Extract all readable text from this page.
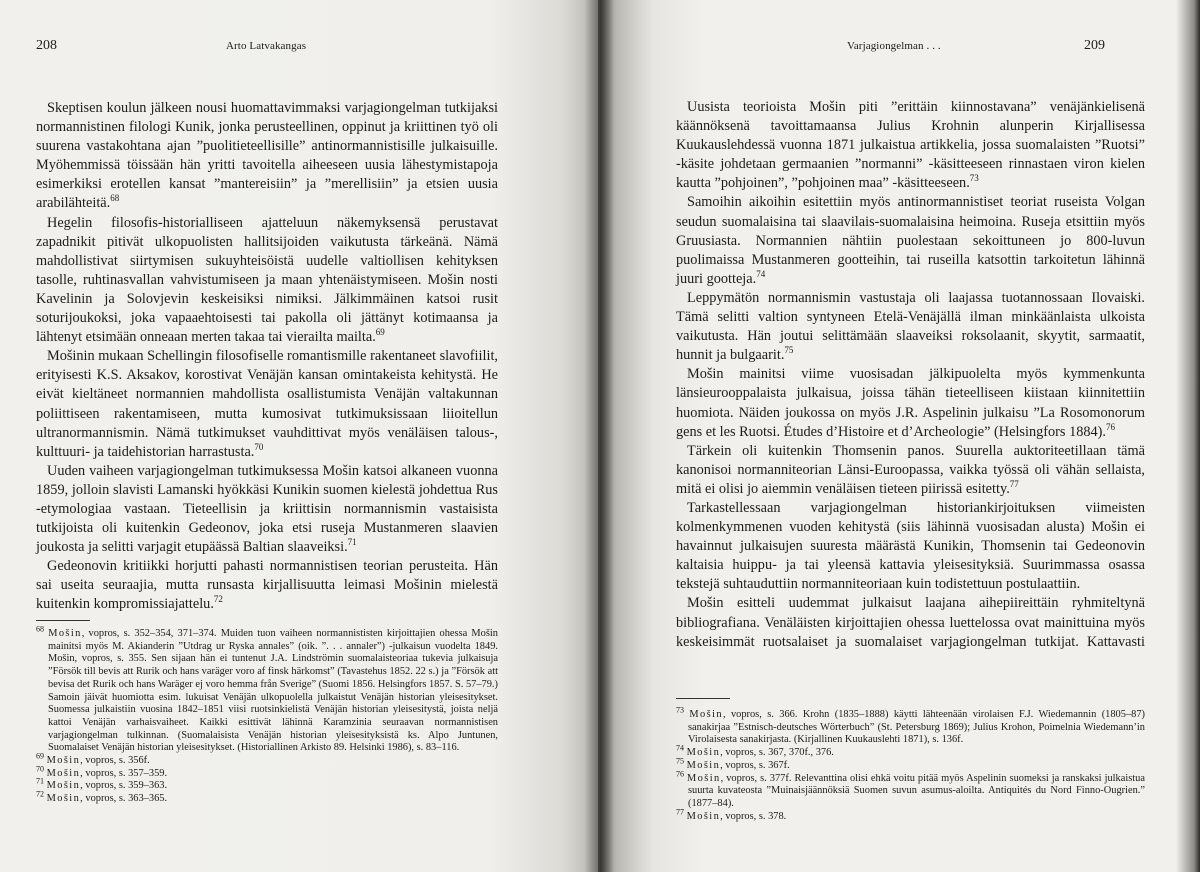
208	Arto Latvakangas

Skeptisen koulun jälkeen nousi huomattavimmaksi varjagiongelman tutkijaksi normannistinen filologi Kunik, jonka perusteellinen, oppinut ja kriittinen työ oli suurena vastakohtana ajan ”puolitieteellisille” antinormannistisille julkaisuille. Myöhemmissä töissään hän yritti tavoitella aiheeseen uusia lähestymistapoja esimerkiksi erotellen kansat ”mantereisiin” ja ”merellisiin” ja etsien uusia arabilähteitä.$^{68}$

Hegelin filosofis-historialliseen ajatteluun näkemyksensä perustavat zapadnikit pitivät ulkopuolisten hallitsijoiden vaikutusta tärkeänä. Nämä mahdollistivat siirtymisen sukuyhteisöistä uudelle valtiollisen kehityksen tasolle, ruhtinasvallan vahvistumiseen ja maan yhtenäistymiseen. Mošin nosti Kavelinin ja Solovjevin keskeisiksi nimiksi. Jälkimmäinen katsoi rusit soturijoukoksi, joka vapaaehtoisesti tai pakolla oli jättänyt kotimaansa ja lähtenyt etsimään onneaan merten takaa tai vierailta mailta.$^{69}$

Mošinin mukaan Schellingin filosofiselle romantismille rakentaneet slavofiilit, erityisesti K.S. Aksakov, korostivat Venäjän kansan omintakeista kehitystä. He eivät kieltäneet normannien mahdollista osallistumista Venäjän valtakunnan poliittiseen rakentamiseen, mutta kumosivat tutkimuksissaan liioitellun ultranormannismin. Nämä tutkimukset vauhdittivat myös venäläisen talous-, kulttuuri- ja taidehistorian harrastusta.$^{70}$

Uuden vaiheen varjagiongelman tutkimuksessa Mošin katsoi alkaneen vuonna 1859, jolloin slavisti Lamanski hyökkäsi Kunikin suomen kielestä johdettua Rus -etymologiaa vastaan. Tieteellisin ja kriittisin normannismin vastaisista tutkijoista oli kuitenkin Gedeonov, joka etsi ruseja Mustanmeren slaavien joukosta ja selitti varjagit etupäässä Baltian slaaveiksi.$^{71}$

Gedeonovin kritiikki horjutti pahasti normannistisen teorian perusteita. Hän sai useita seuraajia, mutta runsasta kirjallisuutta leimasi Mošinin mielestä kuitenkin kompromissiajattelu.$^{72}$

$^{68}$ Mošin, vopros, s. 352–354, 371–374. Muiden tuon vaiheen normannististen kirjoittajien ohessa Mošin mainitsi myös M. Akianderin ”Utdrag ur Ryska annales” (oik. ”. . . annaler”) -julkaisun vuodelta 1849. Mošin, vopros, s. 355. Sen sijaan hän ei tuntenut J.A. Lindströmin suomalaisteoriaa tukevia julkaisuja ”Försök till bevis att Rurik och hans varäger voro af finsk härkomst” (Tavastehus 1852. 22 s.) ja ”Försök att bevisa det Rurik och hans Waräger ej voro hemma från Sverige” (Suomi 1856. Helsingfors 1857. S. 57–79.) Samoin jäivät huomiotta esim. lukuisat Venäjän ulkopuolella julkaistut Venäjän historian yleisesitykset. Suomessa julkaistiin vuosina 1842–1851 viisi ruotsinkielistä Venäjän historian yleisesitystä, joista neljä kattoi Venäjän varhaisvaiheet. Kaikki esittivät lähinnä Karamzinia seuraavan normannistisen varjagiongelman tulkinnan. (Suomalaisista Venäjän historian yleisesityksistä ks. Alpo Juntunen, Suomalaiset Venäjän historian yleisesitykset. (Historiallinen Arkisto 89. Helsinki 1986), s. 83–116.

$^{69}$ Mošin, vopros, s. 356f.

$^{70}$ Mošin, vopros, s. 357–359.

$^{71}$ Mošin, vopros, s. 359–363.

$^{72}$ Mošin, vopros, s. 363–365.

Varjagiongelman . . .	209

Uusista teorioista Mošin piti ”erittäin kiinnostavana” venäjänkielisenä käännöksenä tavoittamaansa Julius Krohnin alunperin Kirjallisessa Kuukauslehdessä vuonna 1871 julkaistua artikkelia, jossa suomalaisten ”Ruotsi” -käsite johdetaan germaanien ”normanni” -käsitteeseen rinnastaen viron kielen kautta ”pohjoinen”, ”pohjoinen maa” -käsitteeseen.$^{73}$

Samoihin aikoihin esitettiin myös antinormannistiset teoriat ruseista Volgan seudun suomalaisina tai slaavilais-suomalaisina heimoina. Ruseja etsittiin myös Gruusiasta. Normannien nähtiin puolestaan sekoittuneen jo 800-luvun puolimaissa Mustanmeren gootteihin, tai ruseilla katsottin tarkoitetun lähinnä juuri gootteja.$^{74}$

Leppymätön normannismin vastustaja oli laajassa tuotannossaan Ilovaiski. Tämä selitti valtion syntyneen Etelä-Venäjällä ilman minkäänlaista ulkoista vaikutusta. Hän joutui selittämään slaaveiksi roksolaanit, skyytit, sarmaatit, hunnit ja bulgaarit.$^{75}$

Mošin mainitsi viime vuosisadan jälkipuolelta myös kymmenkunta länsieurooppalaista julkaisua, joissa tähän tieteelliseen kiistaan kiinnitettiin huomiota. Näiden joukossa on myös J.R. Aspelinin julkaisu ”La Rosomonorum gens et les Ruotsi. Études d’Histoire et d’Archeologie” (Helsingfors 1884).$^{76}$

Tärkein oli kuitenkin Thomsenin panos. Suurella auktoriteetillaan tämä kanonisoi normanniteorian Länsi-Euroopassa, vaikka työssä oli vähän sellaista, mitä ei olisi jo aiemmin venäläisen tieteen piirissä esitetty.$^{77}$

Tarkastellessaan varjagiongelman historiankirjoituksen viimeisten kolmenkymmenen vuoden kehitystä (siis lähinnä vuosisadan alusta) Mošin ei havainnut julkaisujen suuresta määrästä Kunikin, Thomsenin tai Gedeonovin kaltaisia huippu- ja tai yleensä kattavia yleisesityksiä. Suurimmassa osassa tekstejä suhtauduttiin normanniteoriaan kuin todistettuun postulaattiin.

Mošin esitteli uudemmat julkaisut laajana aihepiireittäin ryhmiteltynä bibliografiana. Venäläisten kirjoittajien ohessa luettelossa ovat mainittuina myös keskeisimmät ruotsalaiset ja suomalaiset varjagiongelman tutkijat. Kattavasti

$^{73}$ Mošin, vopros, s. 366. Krohn (1835–1888) käytti lähteenään virolaisen F.J. Wiedemannin (1805–87) sanakirjaa ”Estnisch-deutsches Wörterbuch” (St. Petersburg 1869); Julius Krohon, Poimelnia Wiedemann’in Virolaisesta sanakirjasta. (Kirjallinen Kuukauslehti 1871), s. 136f.

$^{74}$ Mošin, vopros, s. 367, 370f., 376.

$^{75}$ Mošin, vopros, s. 367f.

$^{76}$ Mošin, vopros, s. 377f. Relevanttina olisi ehkä voitu pitää myös Aspelinin suomeksi ja ranskaksi julkaistua suurta kuvateosta ”Muinaisjäännöksiä Suomen suvun asumus-aloilta. Antiquités du Nord Finno-Ougrien.” (1877–84).

$^{77}$ Mošin, vopros, s. 378.
